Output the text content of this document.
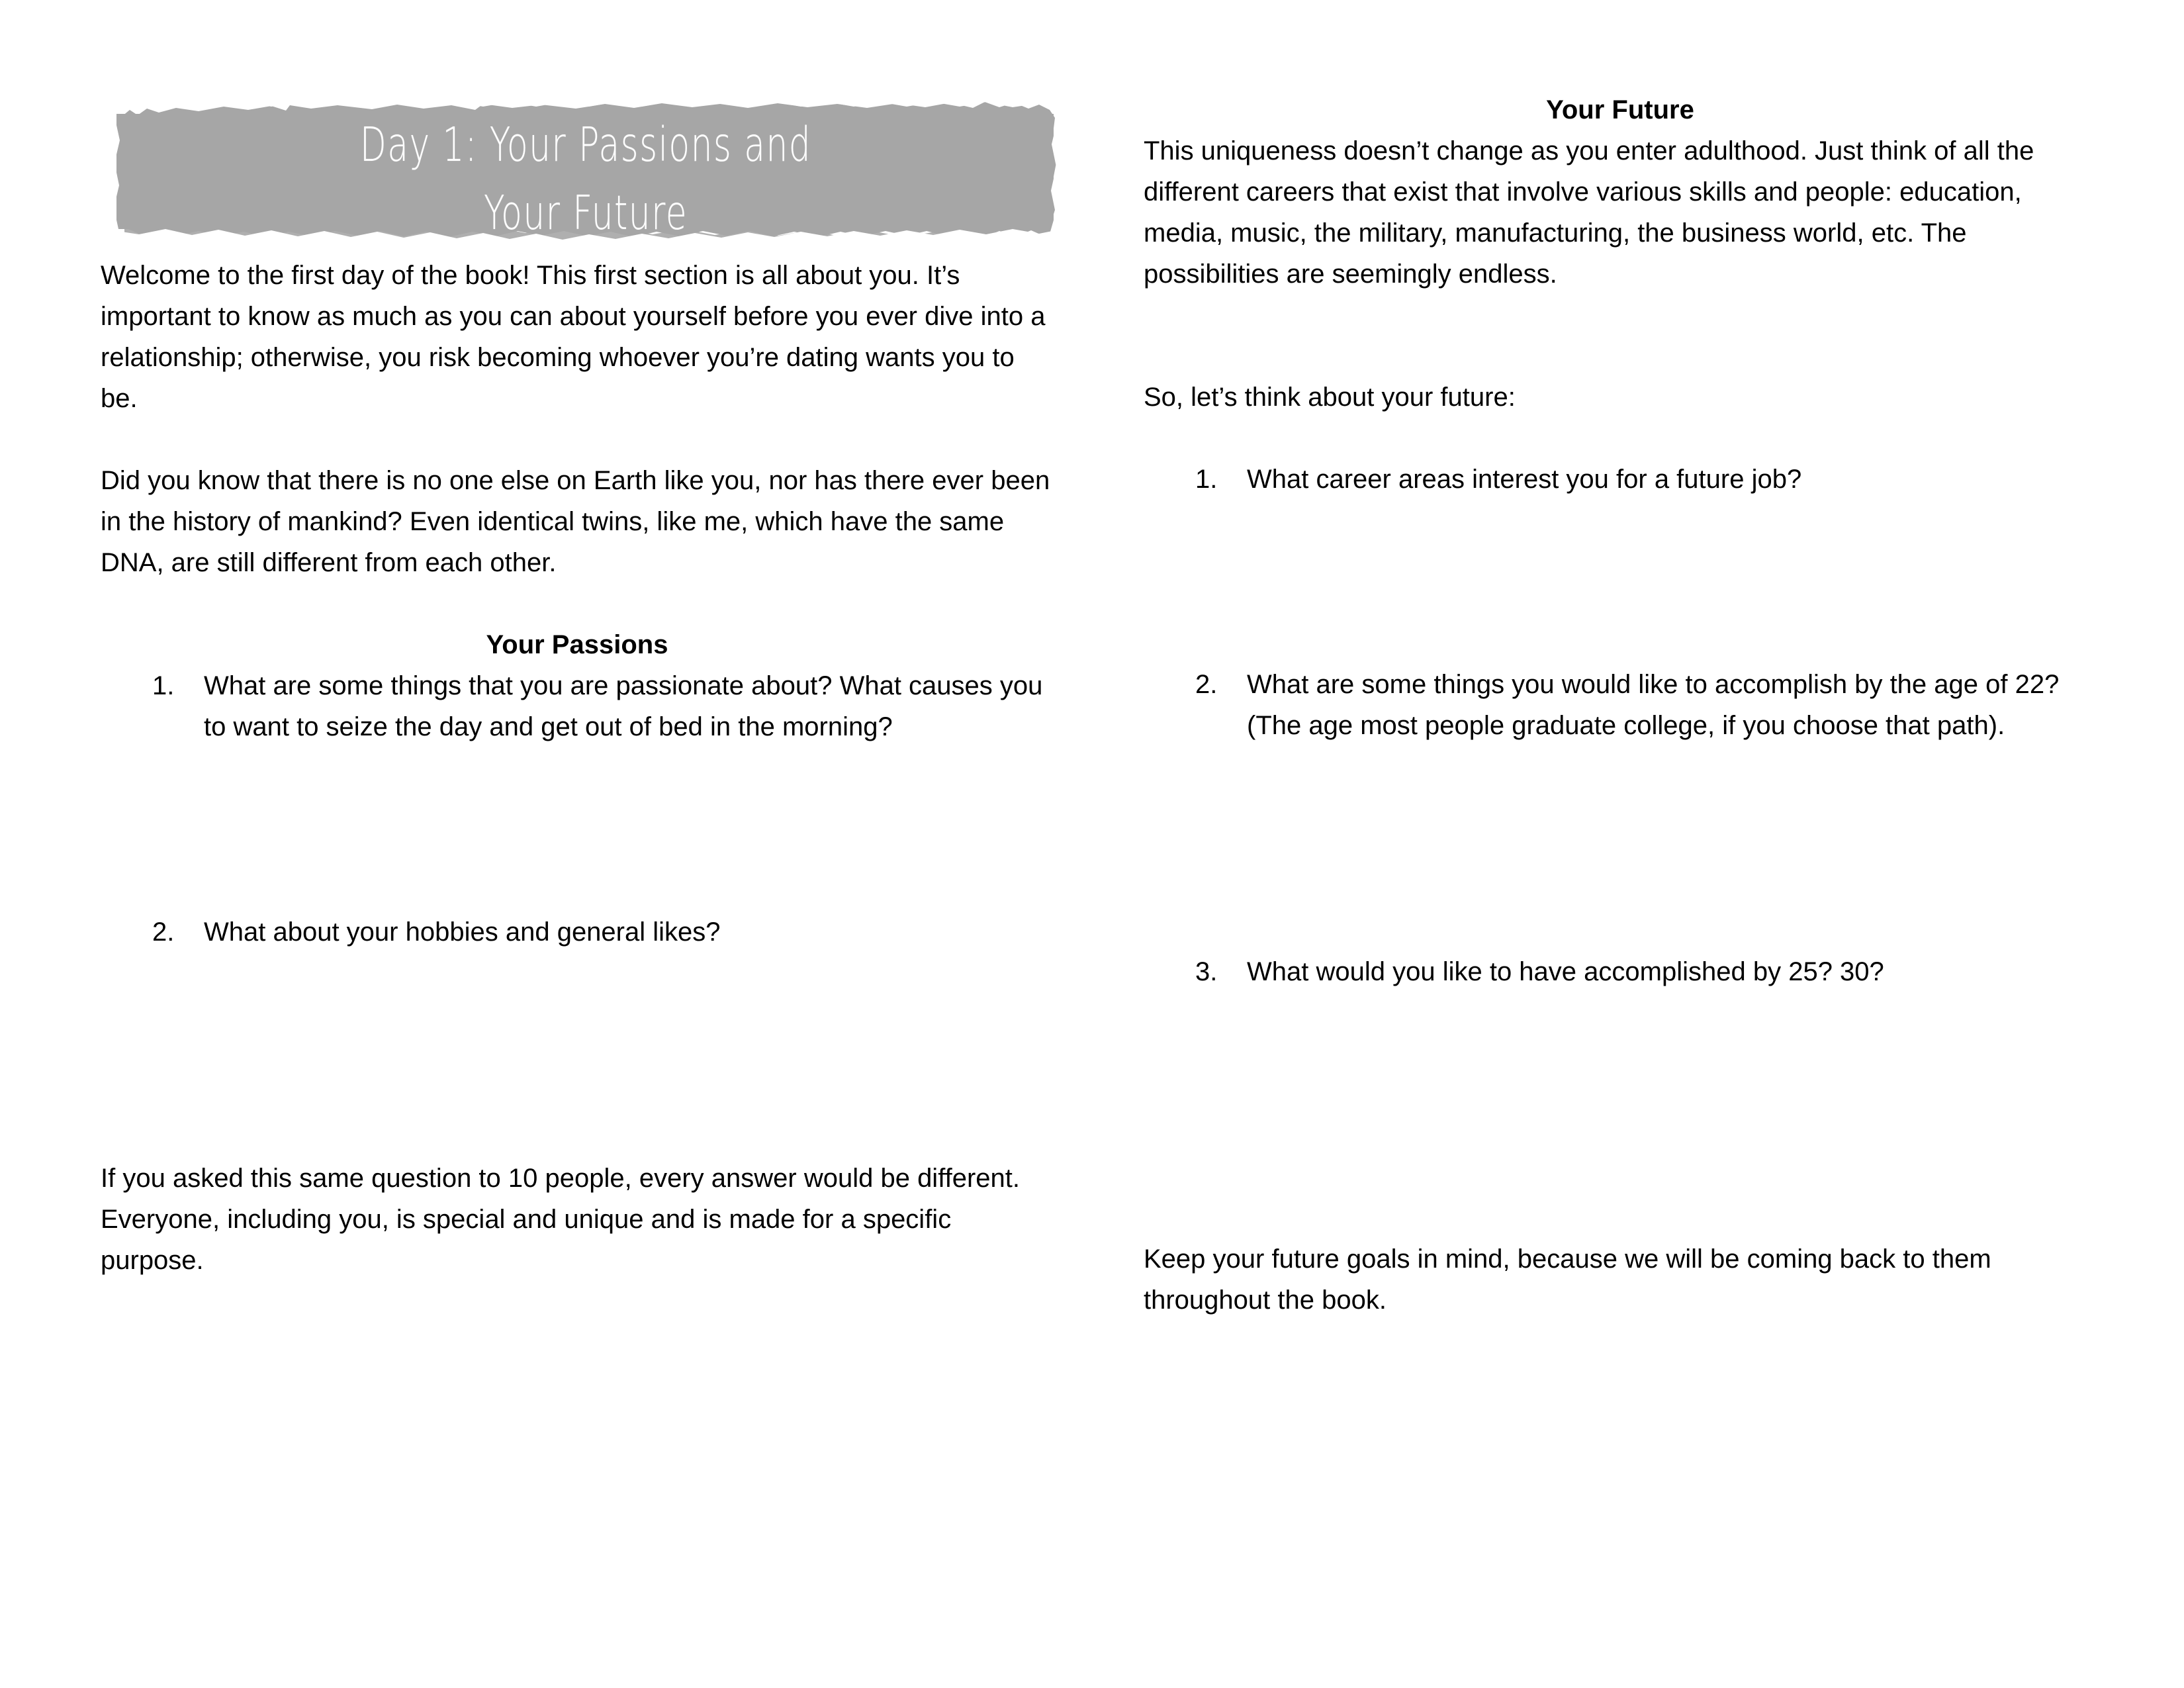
Day 1: Your Passions and
Your Future

Welcome to the first day of the book! This first section is all about you. It’s important to know as much as you can about yourself before you ever dive into a relationship; otherwise, you risk becoming whoever you’re dating wants you to be.

Did you know that there is no one else on Earth like you, nor has there ever been in the history of mankind? Even identical twins, like me, which have the same DNA, are still different from each other.

Your Passions
1. What are some things that you are passionate about? What causes you to want to seize the day and get out of bed in the morning?
2. What about your hobbies and general likes?

If you asked this same question to 10 people, every answer would be different. Everyone, including you, is special and unique and is made for a specific purpose.

Your Future

This uniqueness doesn’t change as you enter adulthood. Just think of all the different careers that exist that involve various skills and people: education, media, music, the military, manufacturing, the business world, etc. The possibilities are seemingly endless.

So, let’s think about your future:

1. What career areas interest you for a future job?
2. What are some things you would like to accomplish by the age of 22? (The age most people graduate college, if you choose that path).
3. What would you like to have accomplished by 25? 30?

Keep your future goals in mind, because we will be coming back to them throughout the book.
